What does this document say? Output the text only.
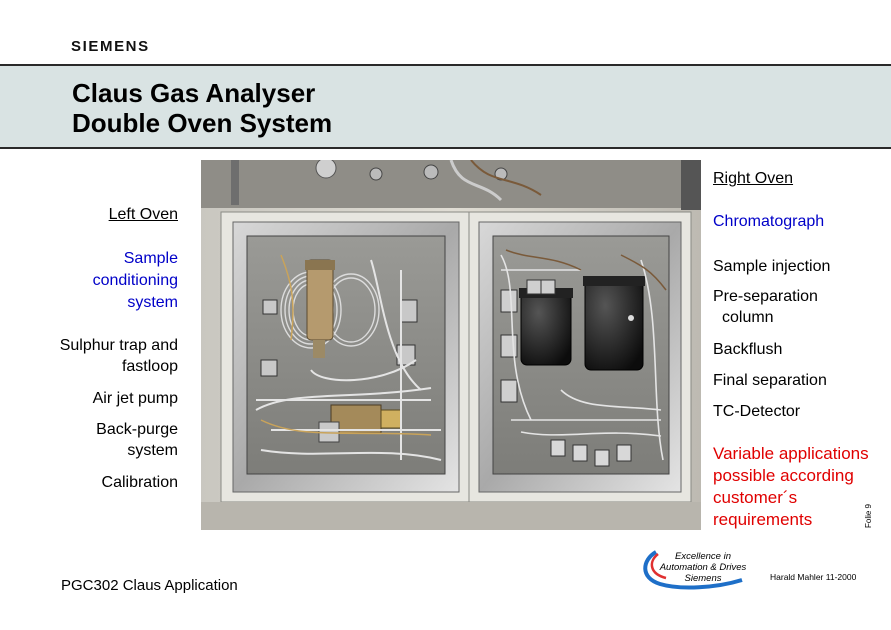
SIEMENS
Claus Gas Analyser
Double Oven System
Left Oven
Sample
conditioning
system
Sulphur trap and
fastloop
Air jet pump
Back-purge
system
Calibration
Right Oven
Chromatograph
Sample injection
Pre-separation
column
Backflush
Final separation
TC-Detector
Variable applications
possible according
customer´s
requirements	Folie 9
PGC302 Claus Application
Excellence in
Automation & Drives
Siemens	Harald Mahler 11-2000
